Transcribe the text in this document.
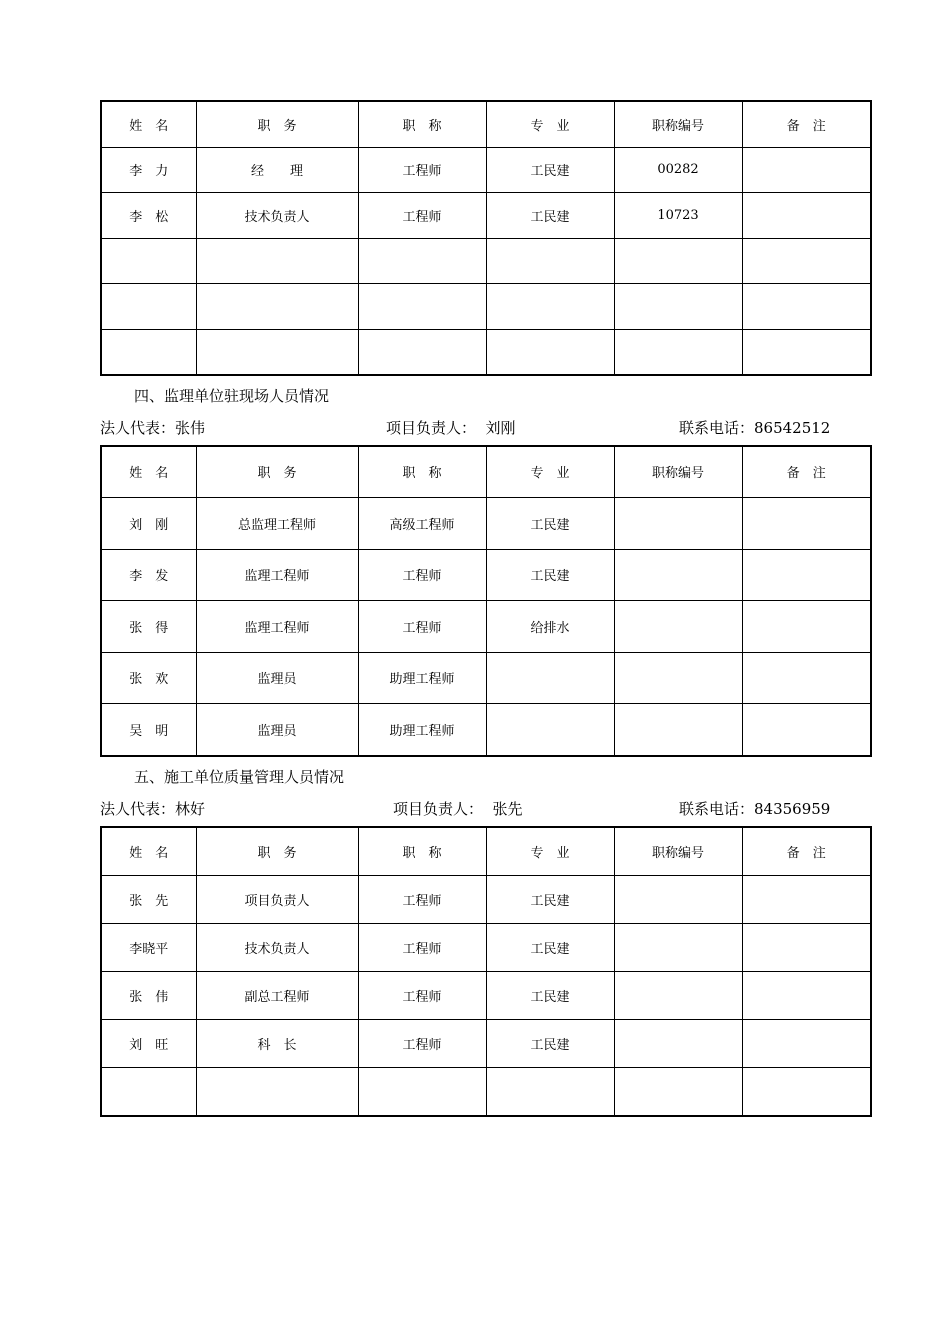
姓　名	职　务	职　称	专　业	职称编号	备　注
李　力	经　　理	工程师	工民建	00282	
李　松	技术负责人	工程师	工民建	10723	

四、监理单位驻现场人员情况
法人代表：张伟	项目负责人：  刘刚	联系电话：86542512
姓　名	职　务	职　称	专　业	职称编号	备　注
刘　刚	总监理工程师	高级工程师	工民建		
李　发	监理工程师	工程师	工民建		
张　得	监理工程师	工程师	给排水		
张　欢	监理员	助理工程师			
吴　明	监理员	助理工程师			
五、施工单位质量管理人员情况
法人代表：林好	项目负责人：  张先	联系电话：84356959
姓　名	职　务	职　称	专　业	职称编号	备　注
张　先	项目负责人	工程师	工民建		
李晓平	技术负责人	工程师	工民建		
张　伟	副总工程师	工程师	工民建		
刘　旺	科　长	工程师	工民建		
